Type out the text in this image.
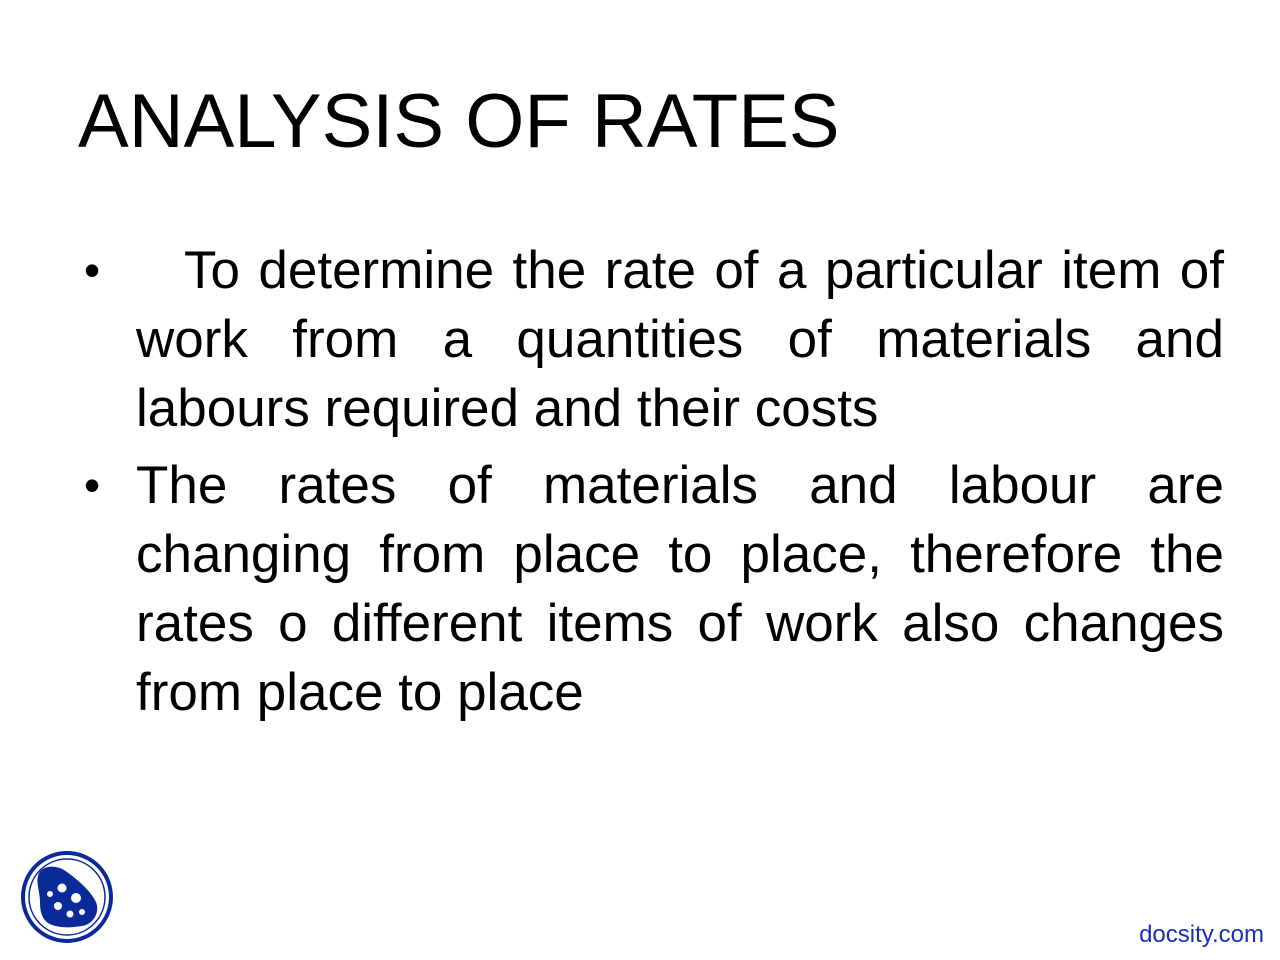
ANALYSIS OF RATES
•	To determine the rate of a particular item of work from a quantities of materials and labours required and their costs
• The rates of materials and labour are changing from place to place, therefore the rates o different items of work also changes from place to place
docsity.com
